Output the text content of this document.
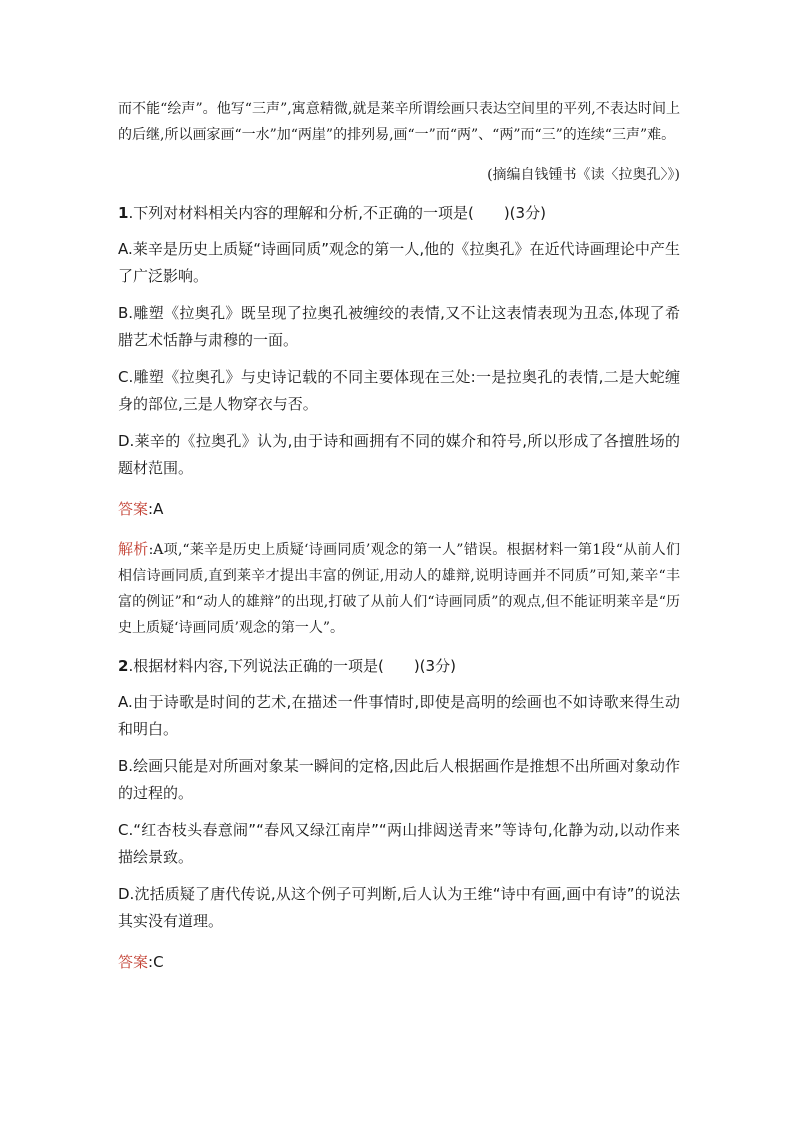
而不能“绘声”。他写“三声”,寓意精微,就是莱辛所谓绘画只表达空间里的平列,不表达时间上的后继,所以画家画“一水”加“两崖”的排列易,画“一”而“两”、“两”而“三”的连续“三声”难。

(摘编自钱锺书《读〈拉奥孔〉》)

1.下列对材料相关内容的理解和分析,不正确的一项是(　　)(3分)

A.莱辛是历史上质疑“诗画同质”观念的第一人,他的《拉奥孔》在近代诗画理论中产生了广泛影响。

B.雕塑《拉奥孔》既呈现了拉奥孔被缠绞的表情,又不让这表情表现为丑态,体现了希腊艺术恬静与肃穆的一面。

C.雕塑《拉奥孔》与史诗记载的不同主要体现在三处:一是拉奥孔的表情,二是大蛇缠身的部位,三是人物穿衣与否。

D.莱辛的《拉奥孔》认为,由于诗和画拥有不同的媒介和符号,所以形成了各擅胜场的题材范围。

答案:A

解析:A项,“莱辛是历史上质疑‘诗画同质’观念的第一人”错误。根据材料一第1段“从前人们相信诗画同质,直到莱辛才提出丰富的例证,用动人的雄辩,说明诗画并不同质”可知,莱辛“丰富的例证”和“动人的雄辩”的出现,打破了从前人们“诗画同质”的观点,但不能证明莱辛是“历史上质疑‘诗画同质’观念的第一人”。

2.根据材料内容,下列说法正确的一项是(　　)(3分)

A.由于诗歌是时间的艺术,在描述一件事情时,即使是高明的绘画也不如诗歌来得生动和明白。

B.绘画只能是对所画对象某一瞬间的定格,因此后人根据画作是推想不出所画对象动作的过程的。

C.“红杏枝头春意闹”“春风又绿江南岸”“两山排闼送青来”等诗句,化静为动,以动作来描绘景致。

D.沈括质疑了唐代传说,从这个例子可判断,后人认为王维“诗中有画,画中有诗”的说法其实没有道理。

答案:C
